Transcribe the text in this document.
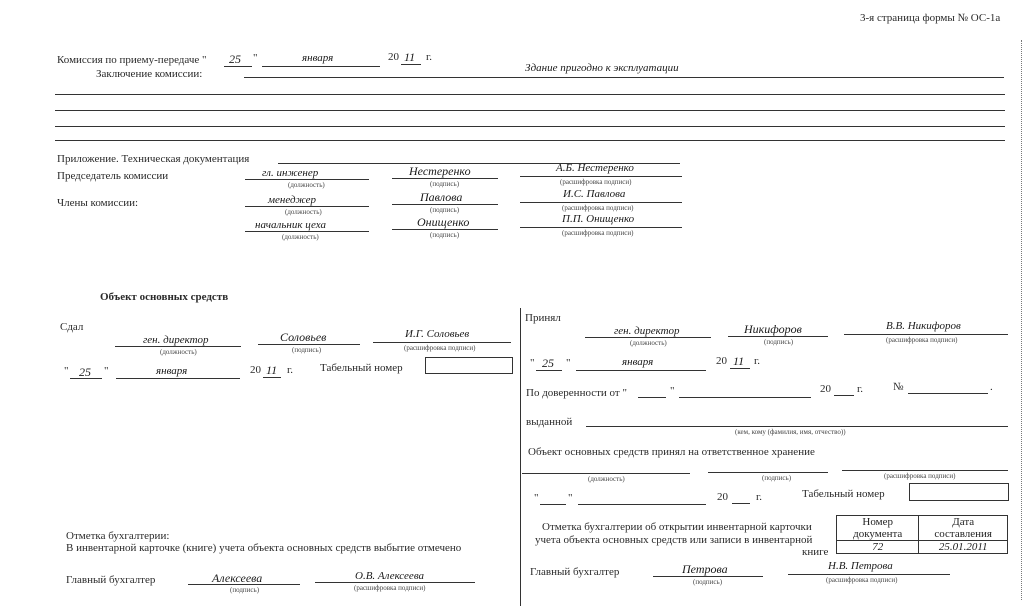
3-я страница формы № ОС-1а
Комиссия по приему-передаче " 25 "	января	20 11 г.
Заключение комиссии:	Здание пригодно к эксплуатации
Приложение. Техническая документация
Председатель комиссии	гл. инженер
(должность)
Нестеренко
(подпись)
А.Б. Нестеренко
(расшифровка подписи)
Члены комиссии:	менеджер
(должность)
Павлова
(подпись)
И.С. Павлова
(расшифровка подписи)
начальник цеха
(должность)
Онищенко
(подпись)
П.П. Онищенко
(расшифровка подписи)
Объект основных средств
Сдал
ген. директор
(должность)
Соловьев
(подпись)
И.Г. Соловьев
(расшифровка подписи)
" 25 "	января	20 11 г. Табельный номер
Принял
ген. директор
(должность)
Никифоров
(подпись)
В.В. Никифоров
(расшифровка подписи)
" 25 "	января	20 11 г.
По доверенности от "	"	20 г.	№	.
выданной
(кем, кому (фамилия, имя, отчество))
Объект основных средств принял на ответственное хранение
(должность)	(подпись)	(расшифровка подписи)
"	"	20	г.	Табельный номер
Отметка бухгалтерии:
В инвентарной карточке (книге) учета объекта основных средств выбытие отмечено
Главный бухгалтер	Алексеева
(подпись)
О.В. Алексеева
(расшифровка подписи)
Отметка бухгалтерии об открытии инвентарной карточки
учета объекта основных средств или записи в инвентарной
книге
Номер
документа	Дата
составления
72	25.01.2011
Главный бухгалтер	Петрова
(подпись)
Н.В. Петрова
(расшифровка подписи)
